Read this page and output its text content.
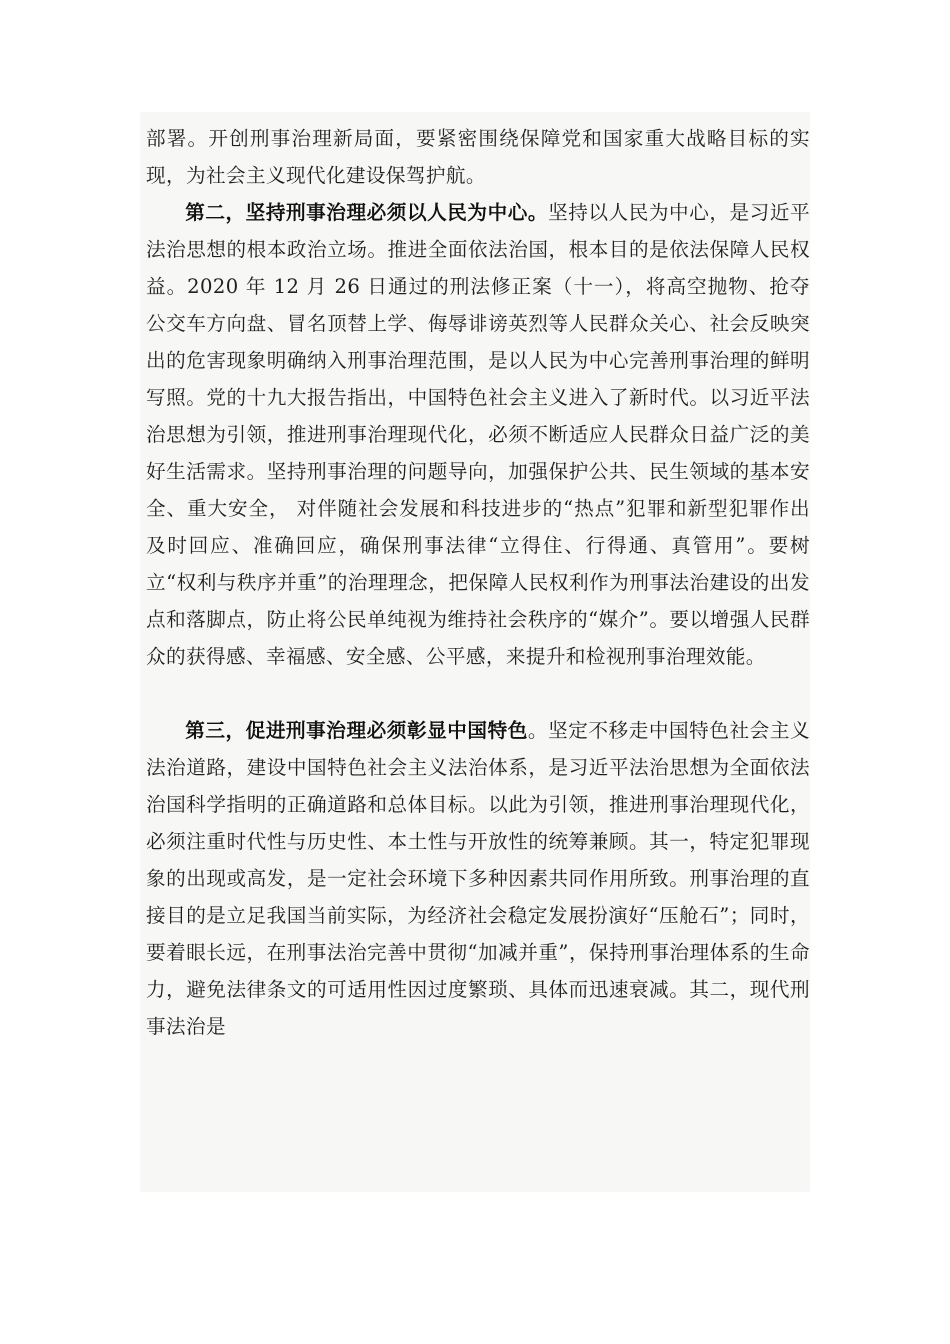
部署。开创刑事治理新局面，要紧密围绕保障党和国家重大战略目标的实现，为社会主义现代化建设保驾护航。

第二，坚持刑事治理必须以人民为中心。坚持以人民为中心，是习近平法治思想的根本政治立场。推进全面依法治国，根本目的是依法保障人民权益。2020 年 12 月 26 日通过的刑法修正案（十一），将高空抛物、抢夺公交车方向盘、冒名顶替上学、侮辱诽谤英烈等人民群众关心、社会反映突出的危害现象明确纳入刑事治理范围，是以人民为中心完善刑事治理的鲜明写照。党的十九大报告指出，中国特色社会主义进入了新时代。以习近平法治思想为引领，推进刑事治理现代化，必须不断适应人民群众日益广泛的美好生活需求。坚持刑事治理的问题导向，加强保护公共、民生领域的基本安全、重大安全， 对伴随社会发展和科技进步的“热点”犯罪和新型犯罪作出及时回应、准确回应，确保刑事法律“立得住、行得通、真管用”。要树立“权利与秩序并重”的治理理念，把保障人民权利作为刑事法治建设的出发点和落脚点，防止将公民单纯视为维持社会秩序的“媒介”。要以增强人民群众的获得感、幸福感、安全感、公平感，来提升和检视刑事治理效能。

第三，促进刑事治理必须彰显中国特色。坚定不移走中国特色社会主义法治道路，建设中国特色社会主义法治体系，是习近平法治思想为全面依法治国科学指明的正确道路和总体目标。以此为引领，推进刑事治理现代化，必须注重时代性与历史性、本土性与开放性的统筹兼顾。其一，特定犯罪现象的出现或高发，是一定社会环境下多种因素共同作用所致。刑事治理的直接目的是立足我国当前实际，为经济社会稳定发展扮演好“压舱石”；同时，要着眼长远，在刑事法治完善中贯彻“加减并重”，保持刑事治理体系的生命力，避免法律条文的可适用性因过度繁琐、具体而迅速衰减。其二，现代刑事法治是
